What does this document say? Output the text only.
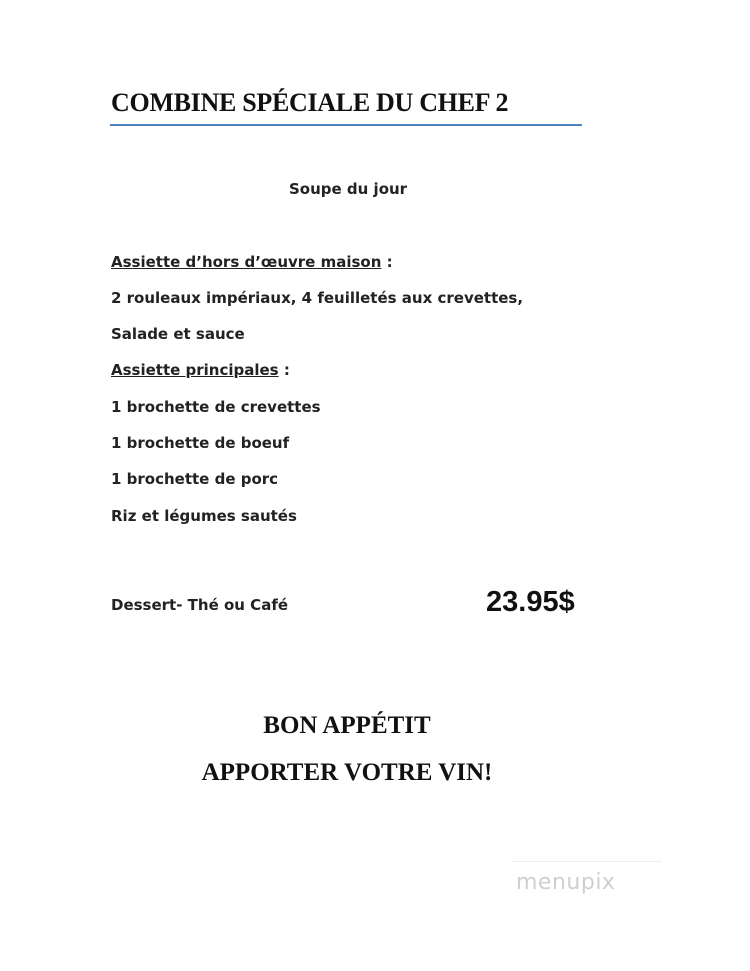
COMBINE SPÉCIALE DU CHEF 2
Soupe du jour
Assiette d’hors d’œuvre maison :
2 rouleaux impériaux, 4 feuilletés aux crevettes,
Salade et sauce
Assiette principales :
1 brochette de crevettes
1 brochette de boeuf
1 brochette de porc
Riz et légumes sautés
Dessert- Thé ou Café	23.95$
BON APPÉTIT
APPORTER VOTRE VIN!
menupix
